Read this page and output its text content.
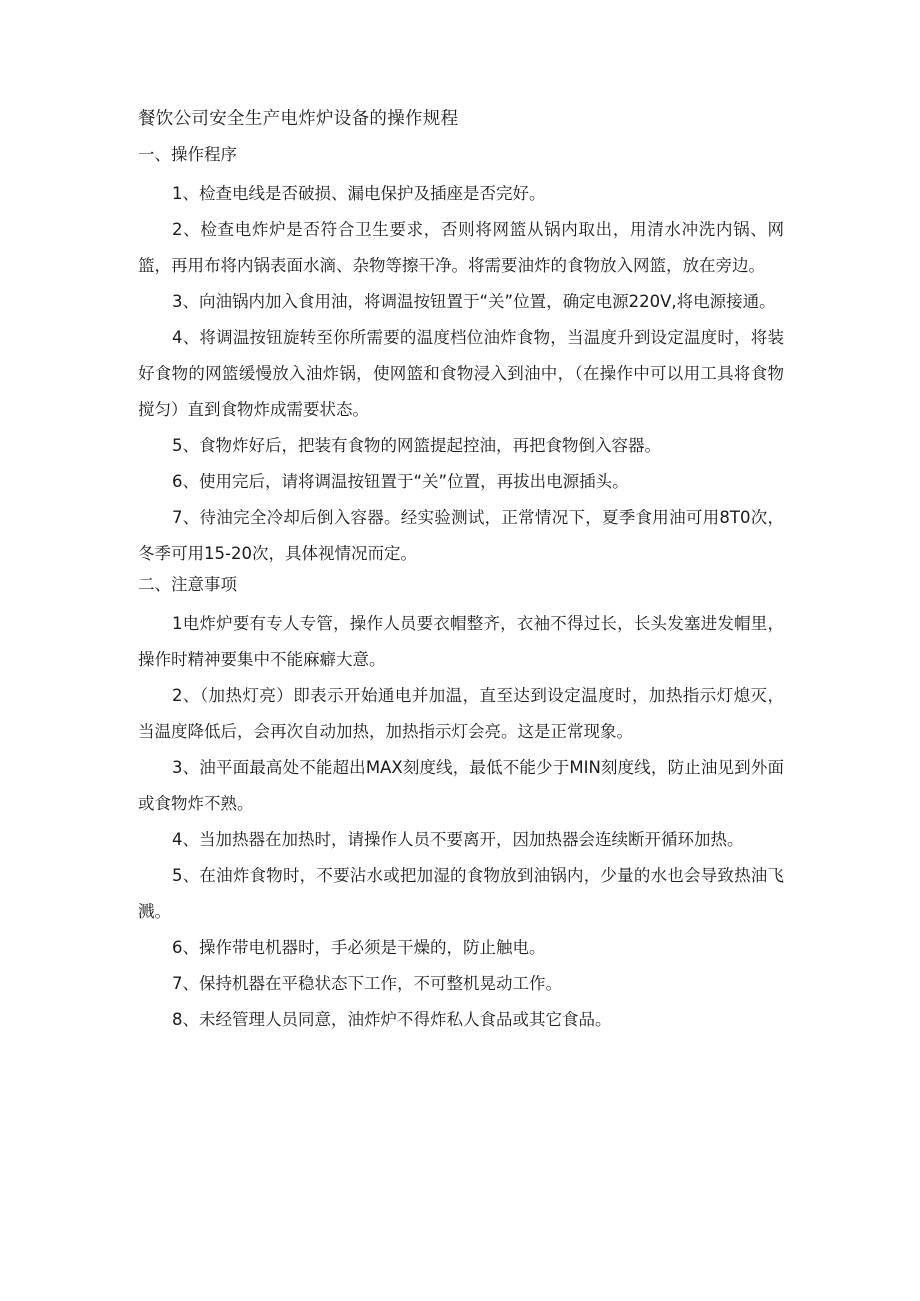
餐饮公司安全生产电炸炉设备的操作规程
一、操作程序

1、检查电线是否破损、漏电保护及插座是否完好。

2、检查电炸炉是否符合卫生要求，否则将网篮从锅内取出，用清水冲洗内锅、网篮，再用布将内锅表面水滴、杂物等擦干净。将需要油炸的食物放入网篮，放在旁边。

3、向油锅内加入食用油，将调温按钮置于“关”位置，确定电源220V,将电源接通。

4、将调温按钮旋转至你所需要的温度档位油炸食物，当温度升到设定温度时，将装好食物的网篮缓慢放入油炸锅，使网篮和食物浸入到油中，（在操作中可以用工具将食物搅匀）直到食物炸成需要状态。

5、食物炸好后，把装有食物的网篮提起控油，再把食物倒入容器。

6、使用完后，请将调温按钮置于“关”位置，再拔出电源插头。

7、待油完全冷却后倒入容器。经实验测试，正常情况下，夏季食用油可用8T0次，冬季可用15-20次，具体视情况而定。

二、注意事项

1电炸炉要有专人专管，操作人员要衣帽整齐，衣袖不得过长，长头发塞进发帽里，操作时精神要集中不能麻癖大意。

2、（加热灯亮）即表示开始通电并加温，直至达到设定温度时，加热指示灯熄灭，当温度降低后，会再次自动加热，加热指示灯会亮。这是正常现象。

3、油平面最高处不能超出MAX刻度线，最低不能少于MIN刻度线，防止油见到外面或食物炸不熟。

4、当加热器在加热时，请操作人员不要离开，因加热器会连续断开循环加热。

5、在油炸食物时，不要沾水或把加湿的食物放到油锅内，少量的水也会导致热油飞溅。

6、操作带电机器时，手必须是干燥的，防止触电。

7、保持机器在平稳状态下工作，不可整机晃动工作。

8、未经管理人员同意，油炸炉不得炸私人食品或其它食品。
